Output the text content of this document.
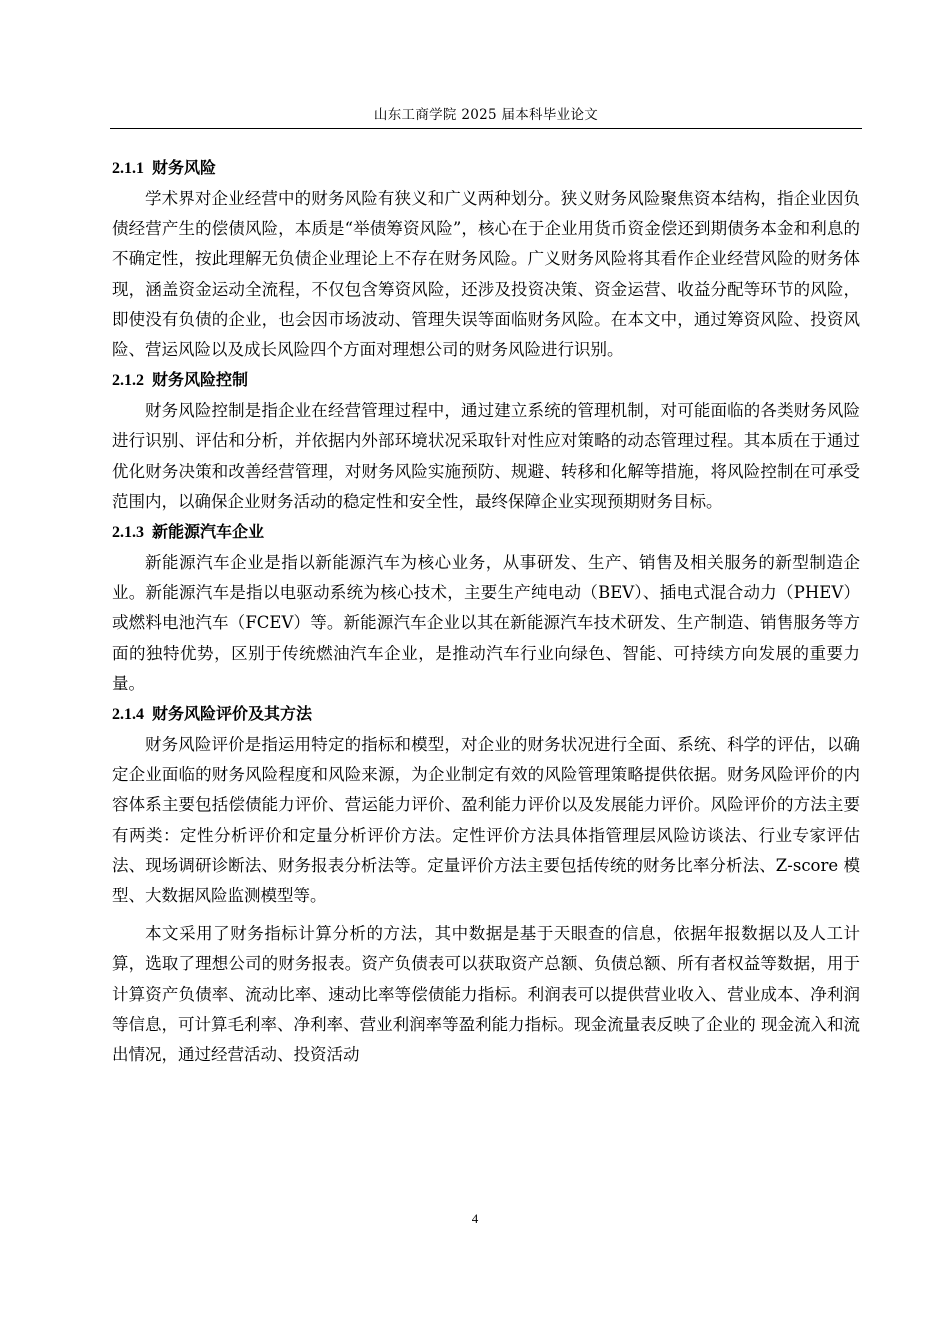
山东工商学院 2025 届本科毕业论文
2.1.1 财务风险

学术界对企业经营中的财务风险有狭义和广义两种划分。狭义财务风险聚焦资本结构，指企业因负债经营产生的偿债风险，本质是“举债筹资风险”，核心在于企业用货币资金偿还到期债务本金和利息的不确定性，按此理解无负债企业理论上不存在财务风险。广义财务风险将其看作企业经营风险的财务体现，涵盖资金运动全流程，不仅包含筹资风险，还涉及投资决策、资金运营、收益分配等环节的风险，即使没有负债的企业，也会因市场波动、管理失误等面临财务风险。在本文中，通过筹资风险、投资风险、营运风险以及成长风险四个方面对理想公司的财务风险进行识别。

2.1.2 财务风险控制

财务风险控制是指企业在经营管理过程中，通过建立系统的管理机制，对可能面临的各类财务风险进行识别、评估和分析，并依据内外部环境状况采取针对性应对策略的动态管理过程。其本质在于通过优化财务决策和改善经营管理，对财务风险实施预防、规避、转移和化解等措施，将风险控制在可承受范围内，以确保企业财务活动的稳定性和安全性，最终保障企业实现预期财务目标。

2.1.3 新能源汽车企业

新能源汽车企业是指以新能源汽车为核心业务，从事研发、生产、销售及相关服务的新型制造企业。新能源汽车是指以电驱动系统为核心技术，主要生产纯电动（BEV）、插电式混合动力（PHEV）或燃料电池汽车（FCEV）等。新能源汽车企业以其在新能源汽车技术研发、生产制造、销售服务等方面的独特优势，区别于传统燃油汽车企业，是推动汽车行业向绿色、智能、可持续方向发展的重要力量。

2.1.4 财务风险评价及其方法

财务风险评价是指运用特定的指标和模型，对企业的财务状况进行全面、系统、科学的评估，以确定企业面临的财务风险程度和风险来源，为企业制定有效的风险管理策略提供依据。财务风险评价的内容体系主要包括偿债能力评价、营运能力评价、盈利能力评价以及发展能力评价。风险评价的方法主要有两类：定性分析评价和定量分析评价方法。定性评价方法具体指管理层风险访谈法、行业专家评估法、现场调研诊断法、财务报表分析法等。定量评价方法主要包括传统的财务比率分析法、Z-score 模型、大数据风险监测模型等。

本文采用了财务指标计算分析的方法，其中数据是基于天眼查的信息，依据年报数据以及人工计算，选取了理想公司的财务报表。资产负债表可以获取资产总额、负债总额、所有者权益等数据，用于计算资产负债率、流动比率、速动比率等偿债能力指标。利润表可以提供营业收入、营业成本、净利润等信息，可计算毛利率、净利率、营业利润率等盈利能力指标。现金流量表反映了企业的 现金流入和流出情况，通过经营活动、投资活动

4
